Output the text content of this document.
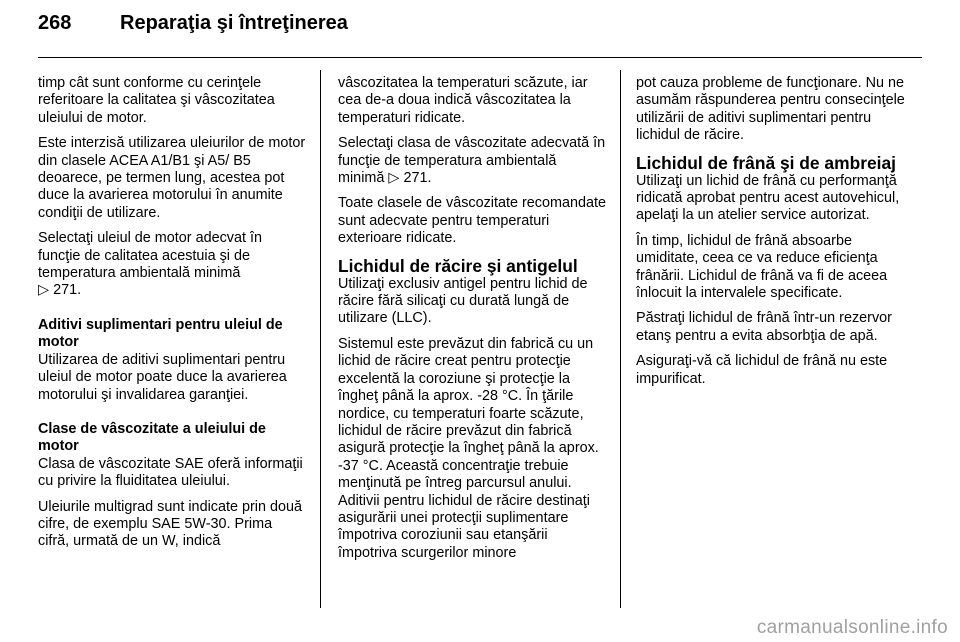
268	Reparaţia şi întreţinerea

timp cât sunt conforme cu cerinţele referitoare la calitatea şi vâscozitatea uleiului de motor.

Este interzisă utilizarea uleiurilor de motor din clasele ACEA A1/B1 şi A5/ B5 deoarece, pe termen lung, acestea pot duce la avarierea motorului în anumite condiţii de utilizare.

Selectaţi uleiul de motor adecvat în funcţie de calitatea acestuia şi de temperatura ambientală minimă
▷ 271.

Aditivi suplimentari pentru uleiul de motor

Utilizarea de aditivi suplimentari pentru uleiul de motor poate duce la avarierea motorului şi invalidarea garanţiei.

Clase de vâscozitate a uleiului de motor

Clasa de vâscozitate SAE oferă informaţii cu privire la fluiditatea uleiului.

Uleiurile multigrad sunt indicate prin două cifre, de exemplu SAE 5W-30. Prima cifră, urmată de un W, indică

vâscozitatea la temperaturi scăzute, iar cea de-a doua indică vâscozitatea la temperaturi ridicate.

Selectaţi clasa de vâscozitate adecvată în funcţie de temperatura ambientală minimă ▷ 271.

Toate clasele de vâscozitate recomandate sunt adecvate pentru temperaturi exterioare ridicate.

Lichidul de răcire şi antigelul

Utilizaţi exclusiv antigel pentru lichid de răcire fără silicaţi cu durată lungă de utilizare (LLC).

Sistemul este prevăzut din fabrică cu un lichid de răcire creat pentru protecţie excelentă la coroziune şi protecţie la îngheţ până la aprox. -28 °C. În ţările nordice, cu temperaturi foarte scăzute, lichidul de răcire prevăzut din fabrică asigură protecţie la îngheţ până la aprox. -37 °C. Această concentraţie trebuie menţinută pe întreg parcursul anului. Aditivii pentru lichidul de răcire destinaţi asigurării unei protecţii suplimentare împotriva coroziunii sau etanşării împotriva scurgerilor minore

pot cauza probleme de funcţionare. Nu ne asumăm răspunderea pentru consecinţele utilizării de aditivi suplimentari pentru lichidul de răcire.

Lichidul de frână şi de ambreiaj

Utilizaţi un lichid de frână cu performanţă ridicată aprobat pentru acest autovehicul, apelaţi la un atelier service autorizat.

În timp, lichidul de frână absoarbe umiditate, ceea ce va reduce eficienţa frânării. Lichidul de frână va fi de aceea înlocuit la intervalele specificate.

Păstraţi lichidul de frână într-un rezervor etanş pentru a evita absorbţia de apă.

Asiguraţi-vă că lichidul de frână nu este impurificat.

carmanualsonline.info
